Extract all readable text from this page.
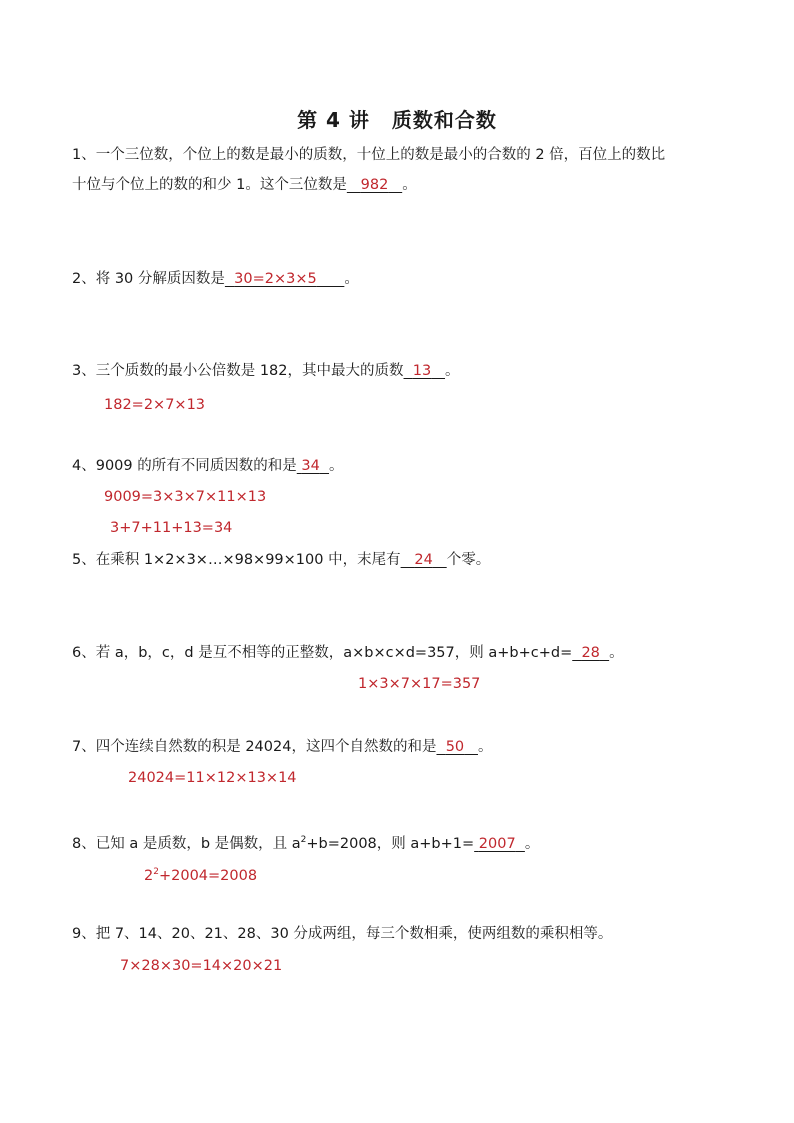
第 4 讲 质数和合数
1、一个三位数，个位上的数是最小的质数，十位上的数是最小的合数的 2 倍，百位上的数比
十位与个位上的数的和少 1。这个三位数是 982 。
2、将 30 分解质因数是 30=2×3×5 。
3、三个质数的最小公倍数是 182，其中最大的质数 13 。
182=2×7×13
4、9009 的所有不同质因数的和是 34 。
9009=3×3×7×11×13
3+7+11+13=34
5、在乘积 1×2×3×…×98×99×100 中，末尾有 24 个零。
6、若 a，b，c，d 是互不相等的正整数，a×b×c×d=357，则 a+b+c+d= 28 。
1×3×7×17=357
7、四个连续自然数的积是 24024，这四个自然数的和是 50 。
24024=11×12×13×14
8、已知 a 是质数，b 是偶数，且 $a^2+b=2008$，则 a+b+1= 2007 。
$2^2+2004=2008$
9、把 7、14、20、21、28、30 分成两组，每三个数相乘，使两组数的乘积相等。
7×28×30=14×20×21
